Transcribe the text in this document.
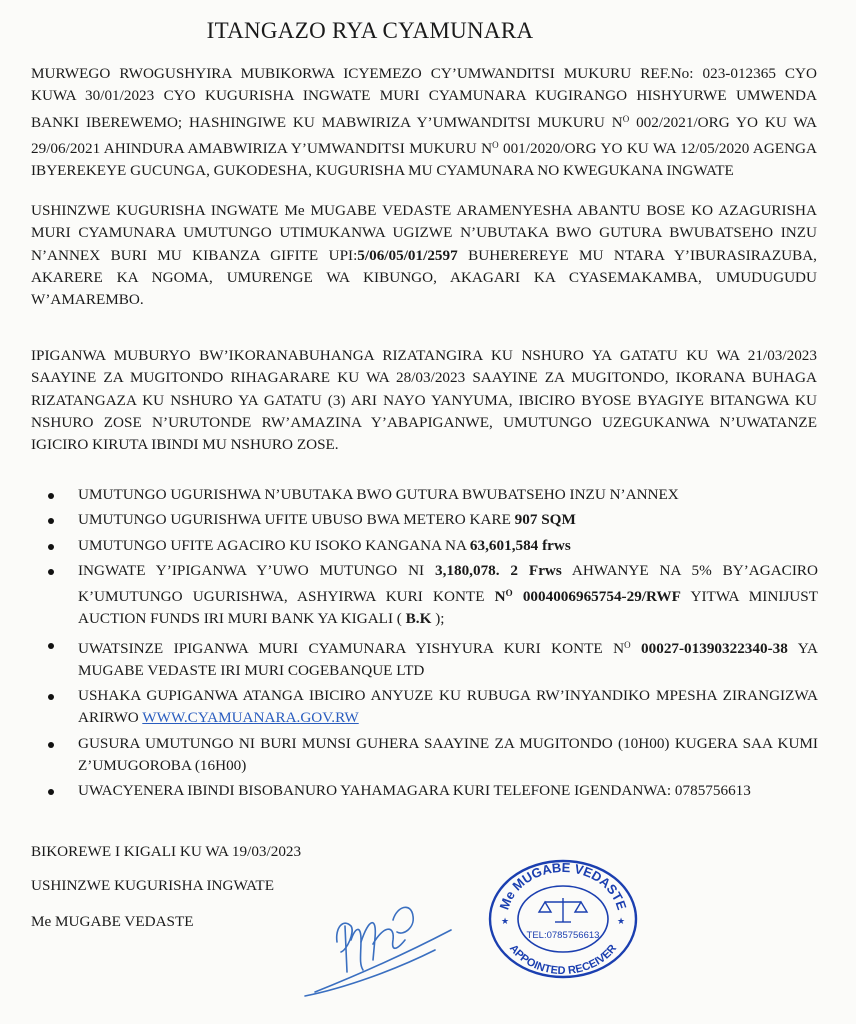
ITANGAZO RYA CYAMUNARA

MURWEGO RWOGUSHYIRA MUBIKORWA ICYEMEZO CY’UMWANDITSI MUKURU REF.No: 023-012365 CYO KUWA 30/01/2023 CYO KUGURISHA INGWATE MURI CYAMUNARA KUGIRANGO HISHYURWE UMWENDA BANKI IBEREWEMO; HASHINGIWE KU MABWIRIZA Y’UMWANDITSI MUKURU $N^O$ 002/2021/ORG YO KU WA 29/06/2021 AHINDURA AMABWIRIZA Y’UMWANDITSI MUKURU $N^O$ 001/2020/ORG YO KU WA 12/05/2020 AGENGA IBYEREKEYE GUCUNGA, GUKODESHA, KUGURISHA MU CYAMUNARA NO KWEGUKANA INGWATE

USHINZWE KUGURISHA INGWATE Me MUGABE VEDASTE ARAMENYESHA ABANTU BOSE KO AZAGURISHA MURI CYAMUNARA UMUTUNGO UTIMUKANWA UGIZWE N’UBUTAKA BWO GUTURA BWUBATSEHO INZU N’ANNEX BURI MU KIBANZA GIFITE UPI:5/06/05/01/2597 BUHEREREYE MU NTARA Y’IBURASIRAZUBA, AKARERE KA NGOMA, UMURENGE WA KIBUNGO, AKAGARI KA CYASEMAKAMBA, UMUDUGUDU W’AMAREMBO.

IPIGANWA MUBURYO BW’IKORANABUHANGA RIZATANGIRA KU NSHURO YA GATATU KU WA 21/03/2023 SAAYINE ZA MUGITONDO RIHAGARARE KU WA 28/03/2023 SAAYINE ZA MUGITONDO, IKORANA BUHAGA RIZATANGAZA KU NSHURO YA GATATU (3) ARI NAYO YANYUMA, IBICIRO BYOSE BYAGIYE BITANGWA KU NSHURO ZOSE N’URUTONDE RW’AMAZINA Y’ABAPIGANWE, UMUTUNGO UZEGUKANWA N’UWATANZE IGICIRO KIRUTA IBINDI MU NSHURO ZOSE.

UMUTUNGO UGURISHWA N’UBUTAKA BWO GUTURA BWUBATSEHO INZU N’ANNEX
UMUTUNGO UGURISHWA UFITE UBUSO BWA METERO KARE 907 SQM
UMUTUNGO UFITE AGACIRO KU ISOKO KANGANA NA 63,601,584 frws
INGWATE Y’IPIGANWA Y’UWO MUTUNGO NI 3,180,078. 2 Frws AHWANYE NA 5% BY’AGACIRO K’UMUTUNGO UGURISHWA, ASHYIRWA KURI KONTE $N^O$ 0004006965754-29/RWF YITWA MINIJUST AUCTION FUNDS IRI MURI BANK YA KIGALI ( B.K );
UWATSINZE IPIGANWA MURI CYAMUNARA YISHYURA KURI KONTE $N^O$ 00027-01390322340-38 YA MUGABE VEDASTE IRI MURI COGEBANQUE LTD
USHAKA GUPIGANWA ATANGA IBICIRO ANYUZE KU RUBUGA RW’INYANDIKO MPESHA ZIRANGIZWA ARIRWO WWW.CYAMUANARA.GOV.RW
GUSURA UMUTUNGO NI BURI MUNSI GUHERA SAAYINE ZA MUGITONDO (10H00) KUGERA SAA KUMI Z’UMUGOROBA (16H00)
UWACYENERA IBINDI BISOBANURO YAHAMAGARA KURI TELEFONE IGENDANWA: 0785756613

BIKOREWE I KIGALI KU WA 19/03/2023

USHINZWE KUGURISHA INGWATE

Me MUGABE VEDASTE

Me MUGABE VEDASTE
APPOINTED RECEIVER
TEL:0785756613
★	★
